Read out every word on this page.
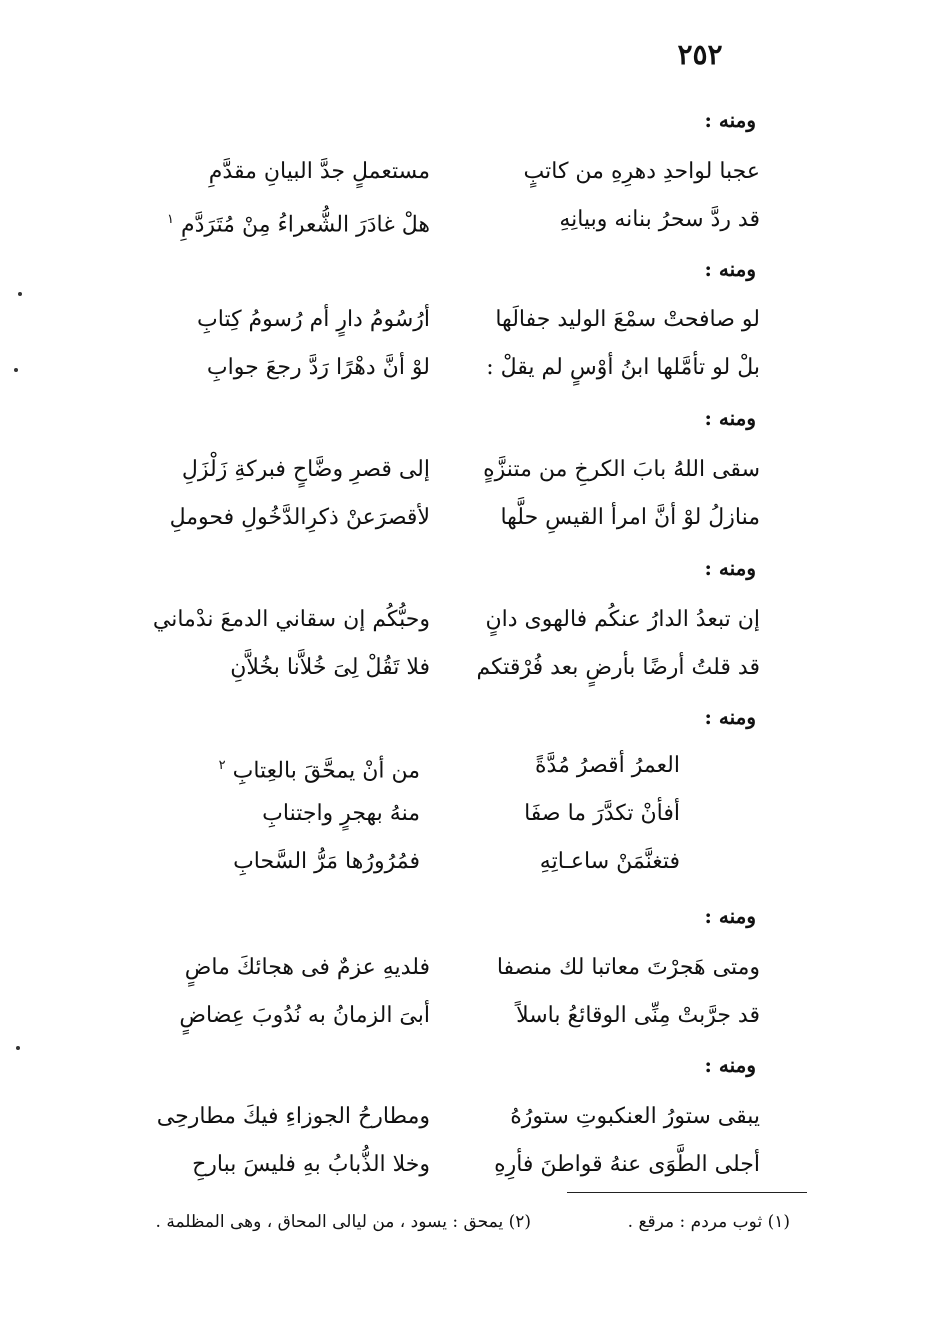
٢٥٢
ومنه :
عجبا لواحدِ دهرِهِ من كاتبٍ
مستعملٍ جدَّ البيانِ مقدَّمِ
قد ردَّ سحرُ بنانه وبيانِهِ
هلْ غادَرَ الشُّعراءُ مِنْ مُتَرَدَّمِ $^١$
ومنه :
لو صافحتْ سمْعَ الوليد جفالَها
أرُسُومُ دارٍ أم رُسومُ كِتابِ
بلْ لو تأمَّلها ابنُ أوْسٍ لم يقلْ :
لوْ أنَّ دهْرًا رَدَّ رجعَ جوابِ
ومنه :
سقى اللهُ بابَ الكرخِ من متنزَّهٍ
إلى قصرِ وضَّاحٍ فبركةِ زَلْزَلِ
منازلُ لوْ أنَّ امرأ القيسِ حلَّها
لأقصرَعنْ ذكرِالدَّخُولِ فحوملِ
ومنه :
إن تبعدُ الدارُ عنكُم فالهوى دانٍ
وحبُّكُم إن سقاني الدمعَ ندْماني
قد قلتُ أرضًا بأرضٍ بعد فُرْقتكم
فلا تَقُلْ لِىَ خُلاَّنا بخُلاَّنِ
ومنه :
العمرُ أقصرُ مُدَّةً
من أنْ يمحَّقَ بالعِتابِ $^٢$
أفأنْ تكدَّرَ ما صفَا
منهُ بهجرٍ واجتنابِ
فتغنَّمَنْ ساعـاتِهِ
فمُرُورُها مَرُّ السَّحابِ
ومنه :
ومتى هَجرْتَ معاتبا لك منصفا
فلديهِ عزمٌ فى هجائكَ ماضٍ
قد جرَّبتْ مِنِّى الوقائعُ باسلاً
أبىَ الزمانُ به نُدُوبَ عِضاضٍ
ومنه :
يبقى ستورُ العنكبوتِ ستورُهُ
ومطارحُ الجوزاءِ فيكَ مطارحِى
أجلى الطَّوَى عنهُ قواطنَ فأرِهِ
وخلا الذُّبابُ بهِ فليسَ ببارحِ
(١) ثوب مردم : مرقع .
(٢) يمحق : يسود ، من ليالى المحاق ، وهى المظلمة .
